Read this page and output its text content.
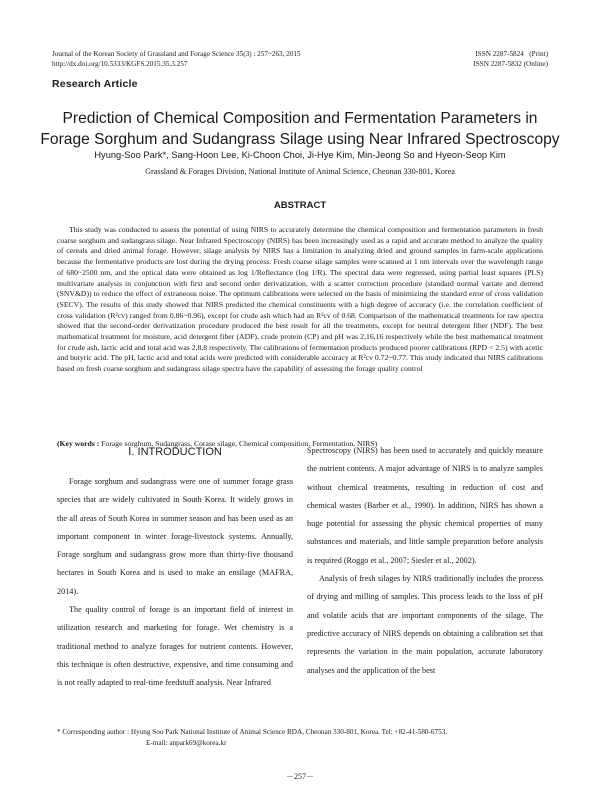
Journal of the Korean Society of Grassland and Forage Science 35(3) : 257~263, 2015
http://dx.doi.org/10.5333/KGFS.2015.35.3.257
ISSN 2287-5824   (Print)
ISSN 2287-5832 (Online)
Research Article
Prediction of Chemical Composition and Fermentation Parameters in Forage Sorghum and Sudangrass Silage using Near Infrared Spectroscopy
Hyung-Soo Park*, Sang-Hoon Lee, Ki-Choon Choi, Ji-Hye Kim, Min-Jeong So and Hyeon-Seop Kim
Grassland & Forages Division, National Institute of Animal Science, Cheonan 330-801, Korea
ABSTRACT
This study was conducted to assess the potential of using NIRS to accurately determine the chemical composition and fermentation parameters in fresh coarse sorghum and sudangrass silage. Near Infrared Spectroscopy (NIRS) has been increasingly used as a rapid and accurate method to analyze the quality of cereals and dried animal forage. However, silage analysis by NIRS has a limitation in analyzing dried and ground samples in farm-scale applications because the fermentative products are lost during the drying process. Fresh coarse silage samples were scanned at 1 nm intervals over the wavelength range of 680~2500 nm, and the optical data were obtained as log 1/Reflectance (log 1/R). The spectral data were regressed, using partial least squares (PLS) multivariate analysis in conjunction with first and second order derivatization, with a scatter correction procedure (standard normal variate and detrend (SNV&D)) to reduce the effect of extraneous noise. The optimum calibrations were selected on the basis of minimizing the standard error of cross validation (SECV). The results of this study showed that NIRS predicted the chemical constituents with a high degree of accuracy (i.e. the correlation coefficient of cross validation (R²cv) ranged from 0.86~0.96), except for crude ash which had an R²cv of 0.68. Comparison of the mathematical treatments for raw spectra showed that the second-order derivatization procedure produced the best result for all the treatments, except for neutral detergent fiber (NDF). The best mathematical treatment for moisture, acid detergent fiber (ADF), crude protein (CP) and pH was 2,16,16 respectively while the best mathematical treatment for crude ash, lactic acid and total acid was 2,8,8 respectively. The calibrations of fermentation products produced poorer calibrations (RPD < 2.5) with acetic and butyric acid. The pH, lactic acid and total acids were predicted with considerable accuracy at R²cv 0.72~0.77. This study indicated that NIRS calibrations based on fresh coarse sorghum and sudangrass silage spectra have the capability of assessing the forage quality control
(Key words : Forage sorghum, Sudangrass, Corase silage, Chemical composition, Fermentation, NIRS)
Ⅰ. INTRODUCTION

Forage sorghum and sudangrass were one of summer forage grass species that are widely cultivated in South Korea. It widely grows in the all areas of South Korea in summer season and has been used as an important component in winter forage-livestock systems. Annually, Forage sorghum and sudangrass grow more than thirty-five thousand hectares in South Korea and is used to make an ensilage (MAFRA, 2014).

The quality control of forage is an important field of interest in utilization research and marketing for forage. Wet chemistry is a traditional method to analyze forages for nutrient contents. However, this technique is often destructive, expensive, and time consuming and is not really adapted to real-time feedstuff analysis. Near Infrared

Spectroscopy (NIRS) has been used to accurately and quickly measure the nutrient contents. A major advantage of NIRS is to analyze samples without chemical treatments, resulting in reduction of cost and chemical wastes (Barber et al., 1990). In addition, NIRS has shown a huge potential for assessing the physic chemical properties of many substances and materials, and little sample preparation before analysis is required (Roggo et al., 2007; Siesler et al., 2002).

Analysis of fresh silages by NIRS traditionally includes the process of drying and milling of samples. This process leads to the loss of pH and volatile acids that are important components of the silage. The predictive accuracy of NIRS depends on obtaining a calibration set that represents the variation in the main population, accurate laboratory analyses and the application of the best

* Corresponding author : Hyung Soo Park National Institute of Animal Science RDA, Cheonan 330-801, Korea. Tel: +82-41-580-6753,
E-mail: anpark69@korea.kr
－257－
